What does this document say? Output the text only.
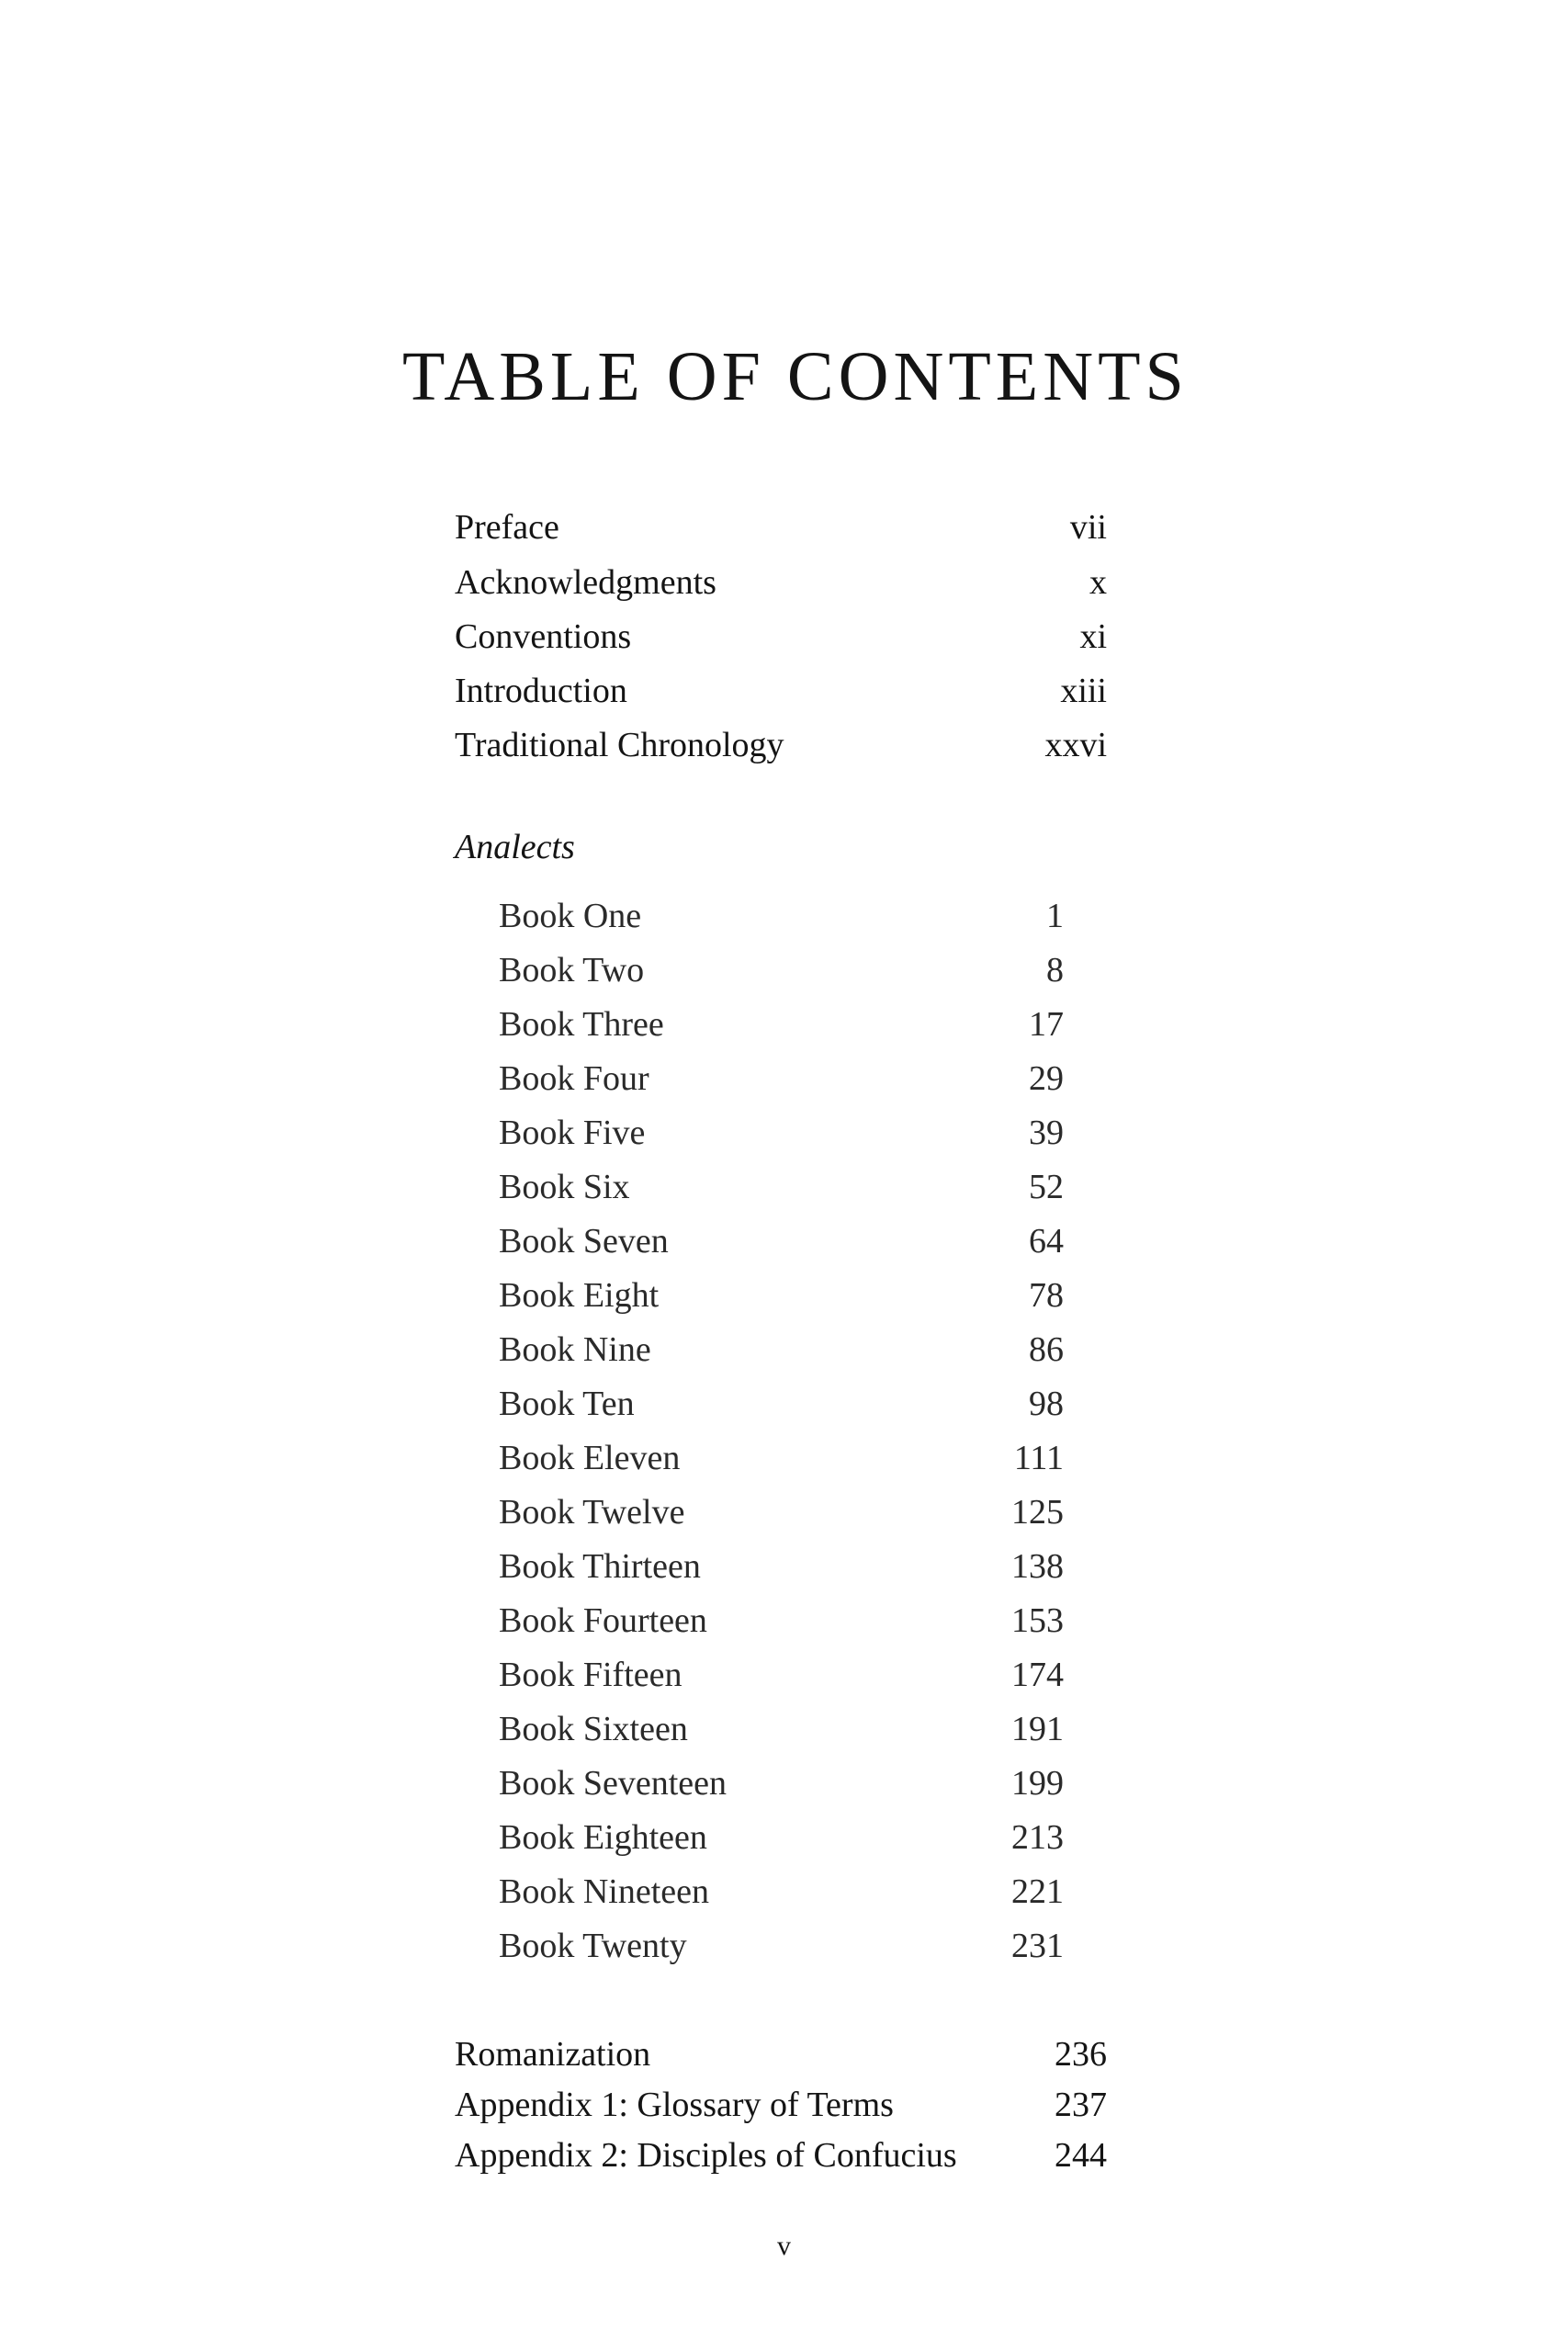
TABLE OF CONTENTS
Preface	vii
Acknowledgments	x
Conventions	xi
Introduction	xiii
Traditional Chronology	xxvi
Analects
Book One	1
Book Two	8
Book Three	17
Book Four	29
Book Five	39
Book Six	52
Book Seven	64
Book Eight	78
Book Nine	86
Book Ten	98
Book Eleven	111
Book Twelve	125
Book Thirteen	138
Book Fourteen	153
Book Fifteen	174
Book Sixteen	191
Book Seventeen	199
Book Eighteen	213
Book Nineteen	221
Book Twenty	231
Romanization	236
Appendix 1: Glossary of Terms	237
Appendix 2: Disciples of Confucius	244
v
